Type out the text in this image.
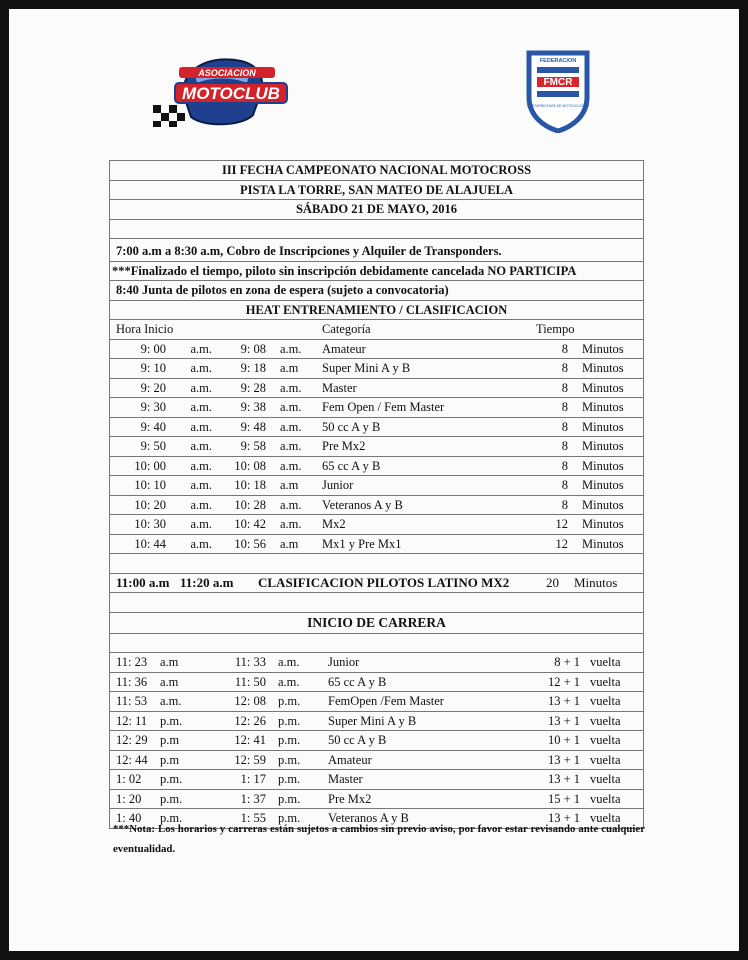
ASOCIACION
MOTOCLUB
FEDERACION
FMCR
COSTARRICENSE DE MOTOCICLISMO
III FECHA CAMPEONATO NACIONAL MOTOCROSS
PISTA LA TORRE, SAN MATEO DE ALAJUELA
SÁBADO 21 DE MAYO, 2016

7:00 a.m a 8:30 a.m, Cobro de Inscripciones y Alquiler de Transponders.
***Finalizado el tiempo, piloto sin inscripción debidamente cancelada NO PARTICIPA
8:40 Junta de pilotos en zona de espera (sujeto a convocatoria)
HEAT ENTRENAMIENTO / CLASIFICACION

Hora Inicio	Categoría	Tiempo

9: 00	a.m.	9: 08	a.m.	Amateur	8	Minutos

9: 10	a.m.	9: 18	a.m	Super Mini A y B	8	Minutos

9: 20	a.m.	9: 28	a.m.	Master	8	Minutos

9: 30	a.m.	9: 38	a.m.	Fem Open / Fem Master	8	Minutos

9: 40	a.m.	9: 48	a.m.	50 cc A y B	8	Minutos

9: 50	a.m.	9: 58	a.m.	Pre Mx2	8	Minutos

10: 00	a.m.	10: 08	a.m.	65 cc A y B	8	Minutos

10: 10	a.m.	10: 18	a.m	Junior	8	Minutos

10: 20	a.m.	10: 28	a.m.	Veteranos A y B	8	Minutos

10: 30	a.m.	10: 42	a.m.	Mx2	12	Minutos

10: 44	a.m.	10: 56	a.m	Mx1 y Pre Mx1	12	Minutos

11:00 a.m 11:20 a.m	CLASIFICACION PILOTOS LATINO MX2	20	Minutos

INICIO DE CARRERA

11: 23	a.m	11: 33 a.m.	Junior	8 + 1 vuelta

11: 36	a.m	11: 50 a.m.	65 cc A y B	12 + 1 vuelta

11: 53	a.m.	12: 08 p.m.	FemOpen /Fem Master	13 + 1 vuelta

12: 11	p.m.	12: 26 p.m.	Super Mini A y B	13 + 1 vuelta

12: 29 p.m	12: 41 p.m.	50 cc A y B	10 + 1 vuelta

12: 44 p.m	12: 59 p.m.	Amateur	13 + 1 vuelta

1: 02	p.m.	1: 17 p.m.	Master	13 + 1 vuelta

1: 20	p.m.	1: 37 p.m.	Pre Mx2	15 + 1 vuelta

1: 40	p.m.	1: 55 p.m.	Veteranos A y B	13 + 1 vuelta
***Nota: Los horarios y carreras están sujetos a cambios sin previo aviso, por favor estar revisando ante cualquier eventualidad.
